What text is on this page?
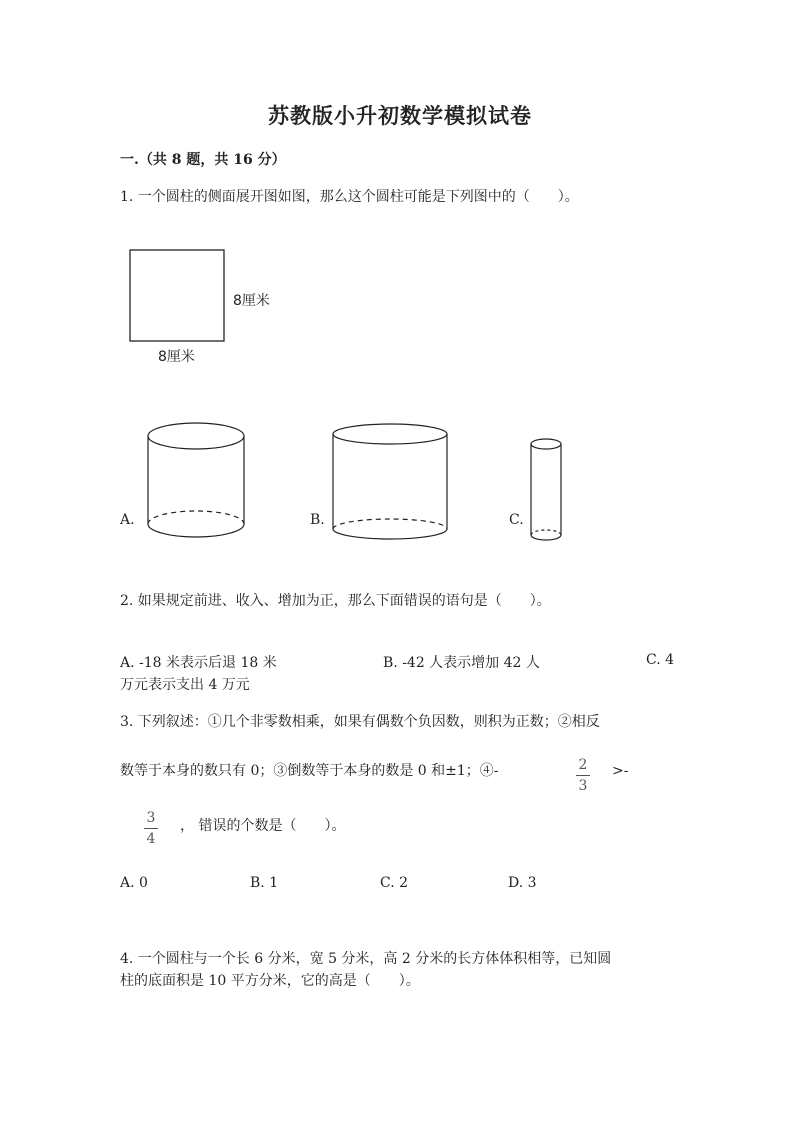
苏教版小升初数学模拟试卷
一.（共 8 题，共 16 分）
1. 一个圆柱的侧面展开图如图，那么这个圆柱可能是下列图中的（　　）。
8厘米
8厘米
A.	B.	C.
2. 如果规定前进、收入、增加为正，那么下面错误的语句是（　　）。
A. -18 米表示后退 18 米	B. -42 人表示增加 42 人	C. 4
万元表示支出 4 万元
3. 下列叙述：①几个非零数相乘，如果有偶数个负因数，则积为正数；②相反
数等于本身的数只有 0；③倒数等于本身的数是 0 和±1；④-	2
3
>-
3
4
， 错误的个数是（　　）。
A. 0	B. 1	C. 2	D. 3
4. 一个圆柱与一个长 6 分米，宽 5 分米，高 2 分米的长方体体积相等，已知圆
柱的底面积是 10 平方分米，它的高是（　　）。
